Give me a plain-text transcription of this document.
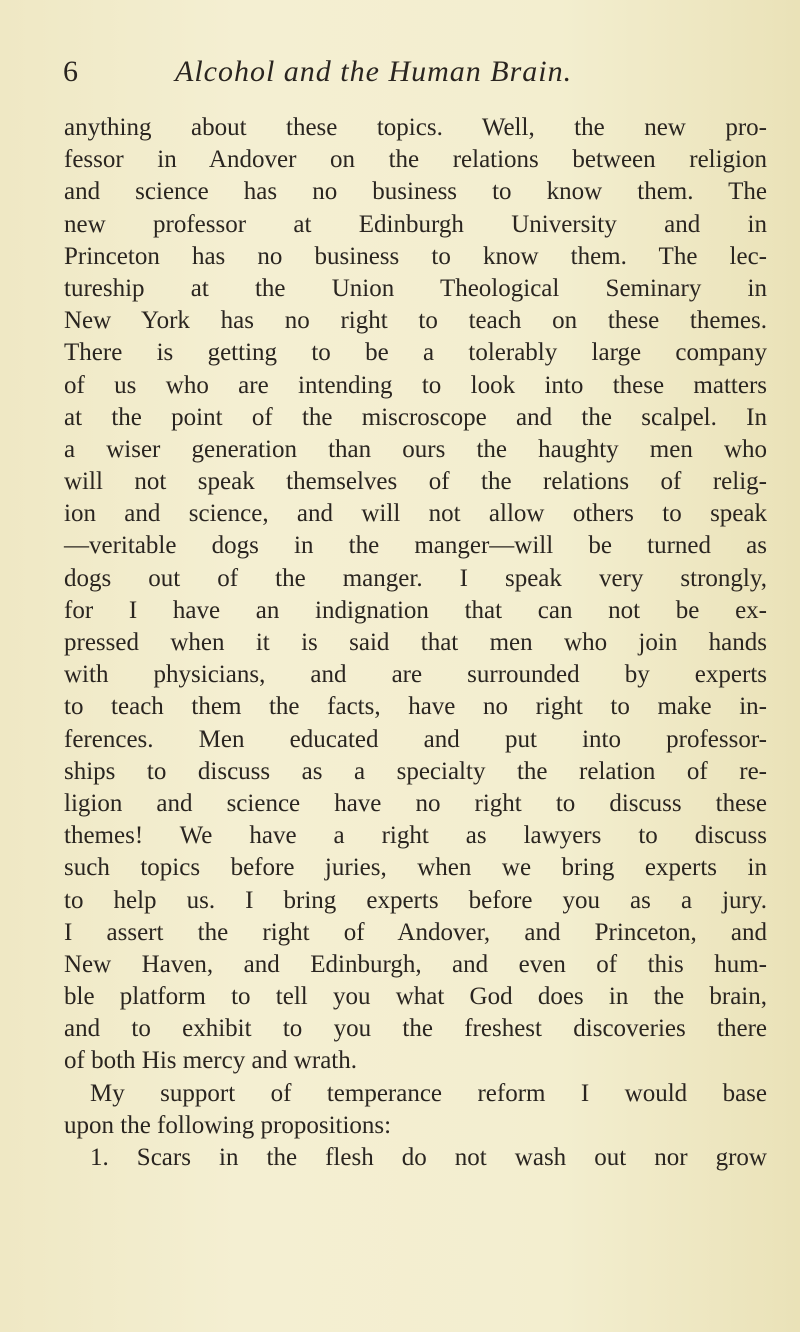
6	Alcohol and the Human Brain.
anything about these topics. Well, the new pro-
fessor in Andover on the relations between religion
and science has no business to know them. The
new professor at Edinburgh University and in
Princeton has no business to know them. The lec-
tureship at the Union Theological Seminary in
New York has no right to teach on these themes.
There is getting to be a tolerably large company
of us who are intending to look into these matters
at the point of the miscroscope and the scalpel. In
a wiser generation than ours the haughty men who
will not speak themselves of the relations of relig-
ion and science, and will not allow others to speak
—veritable dogs in the manger—will be turned as
dogs out of the manger. I speak very strongly,
for I have an indignation that can not be ex-
pressed when it is said that men who join hands
with physicians, and are surrounded by experts
to teach them the facts, have no right to make in-
ferences. Men educated and put into professor-
ships to discuss as a specialty the relation of re-
ligion and science have no right to discuss these
themes! We have a right as lawyers to discuss
such topics before juries, when we bring experts in
to help us. I bring experts before you as a jury.
I assert the right of Andover, and Princeton, and
New Haven, and Edinburgh, and even of this hum-
ble platform to tell you what God does in the brain,
and to exhibit to you the freshest discoveries there
of both His mercy and wrath.
My support of temperance reform I would base
upon the following propositions:
1. Scars in the flesh do not wash out nor grow
